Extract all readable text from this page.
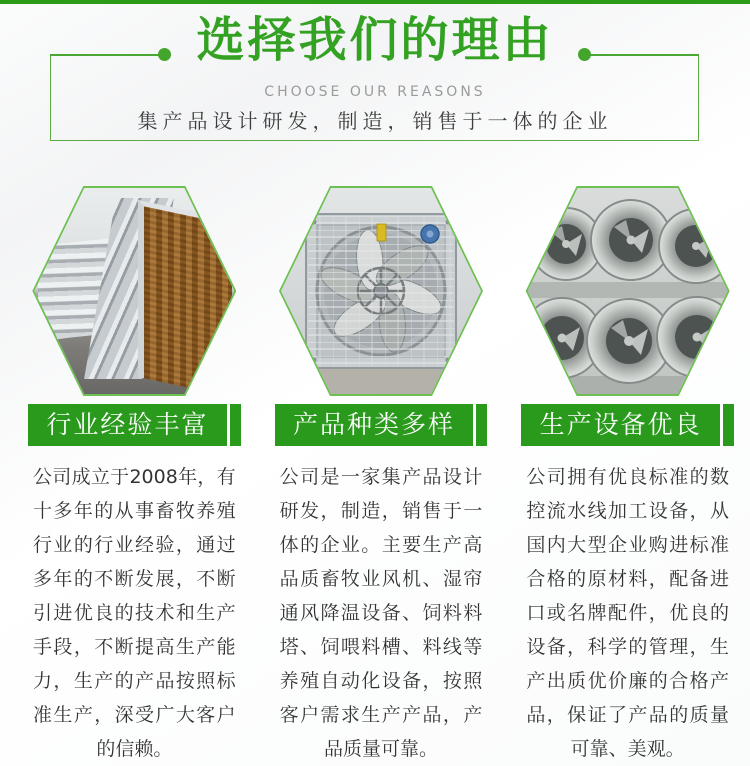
选择我们的理由
CHOOSE OUR REASONS
集产品设计研发，制造，销售于一体的企业
行业经验丰富

公司成立于2008年，有十多年的从事畜牧养殖行业的行业经验，通过多年的不断发展，不断引进优良的技术和生产手段，不断提高生产能力，生产的产品按照标准生产，深受广大客户的信赖。

产品种类多样

公司是一家集产品设计研发，制造，销售于一体的企业。主要生产高品质畜牧业风机、湿帘通风降温设备、饲料料塔、饲喂料槽、料线等养殖自动化设备，按照客户需求生产产品，产品质量可靠。

生产设备优良

公司拥有优良标准的数控流水线加工设备，从国内大型企业购进标准合格的原材料，配备进口或名牌配件，优良的设备，科学的管理，生产出质优价廉的合格产品，保证了产品的质量可靠、美观。
